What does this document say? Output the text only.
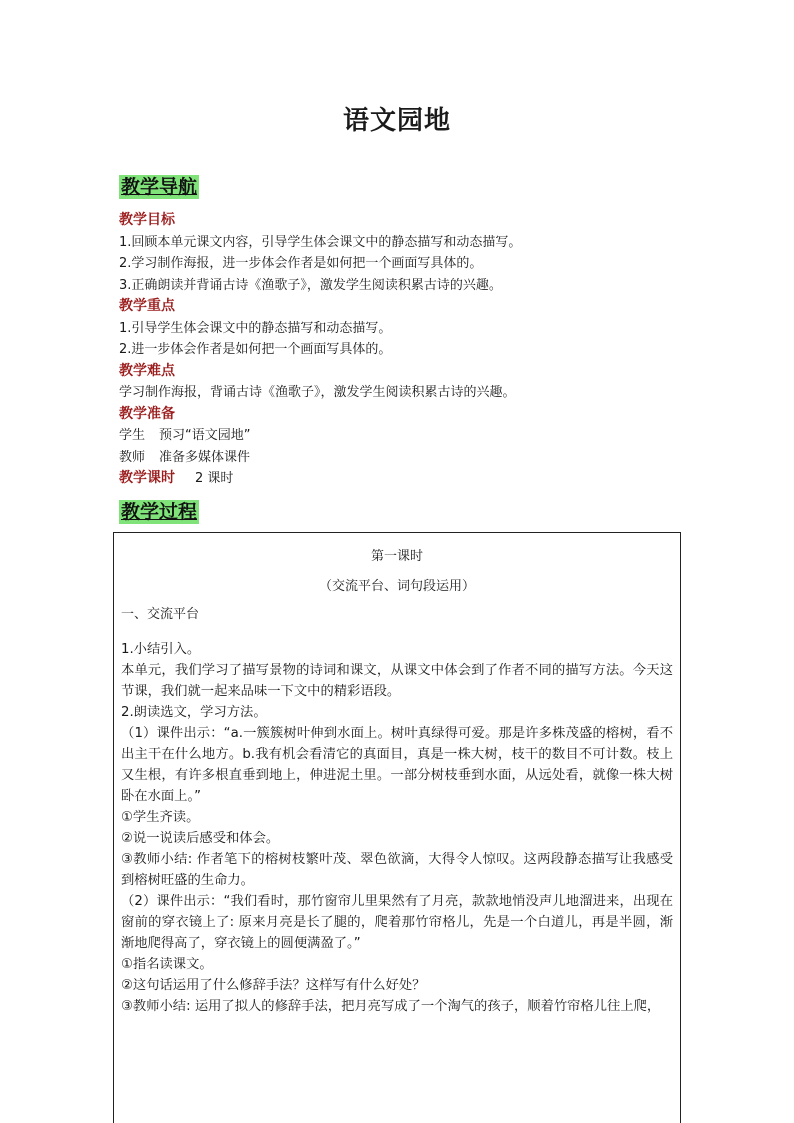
语文园地
教学导航
教学目标
1.回顾本单元课文内容，引导学生体会课文中的静态描写和动态描写。
2.学习制作海报，进一步体会作者是如何把一个画面写具体的。
3.正确朗读并背诵古诗《渔歌子》，激发学生阅读积累古诗的兴趣。
教学重点
1.引导学生体会课文中的静态描写和动态描写。
2.进一步体会作者是如何把一个画面写具体的。
教学难点
学习制作海报，背诵古诗《渔歌子》，激发学生阅读积累古诗的兴趣。
教学准备
学生 预习“语文园地”
教师 准备多媒体课件
教学课时 2 课时
教学过程
第一课时
（交流平台、词句段运用）
一、交流平台

1.小结引入。

本单元，我们学习了描写景物的诗词和课文，从课文中体会到了作者不同的描写方法。今天这节课，我们就一起来品味一下文中的精彩语段。

2.朗读选文，学习方法。

（1）课件出示：“a.一簇簇树叶伸到水面上。树叶真绿得可爱。那是许多株茂盛的榕树，看不出主干在什么地方。b.我有机会看清它的真面目，真是一株大树，枝干的数目不可计数。枝上又生根，有许多根直垂到地上，伸进泥土里。一部分树枝垂到水面，从远处看，就像一株大树卧在水面上。”

①学生齐读。

②说一说读后感受和体会。

③教师小结: 作者笔下的榕树枝繁叶茂、翠色欲滴，大得令人惊叹。这两段静态描写让我感受到榕树旺盛的生命力。

（2）课件出示：“我们看时，那竹窗帘儿里果然有了月亮，款款地悄没声儿地溜进来，出现在窗前的穿衣镜上了: 原来月亮是长了腿的，爬着那竹帘格儿，先是一个白道儿，再是半圆，渐渐地爬得高了，穿衣镜上的圆便满盈了。”

①指名读课文。

②这句话运用了什么修辞手法？这样写有什么好处？

③教师小结: 运用了拟人的修辞手法，把月亮写成了一个淘气的孩子，顺着竹帘格儿往上爬，
